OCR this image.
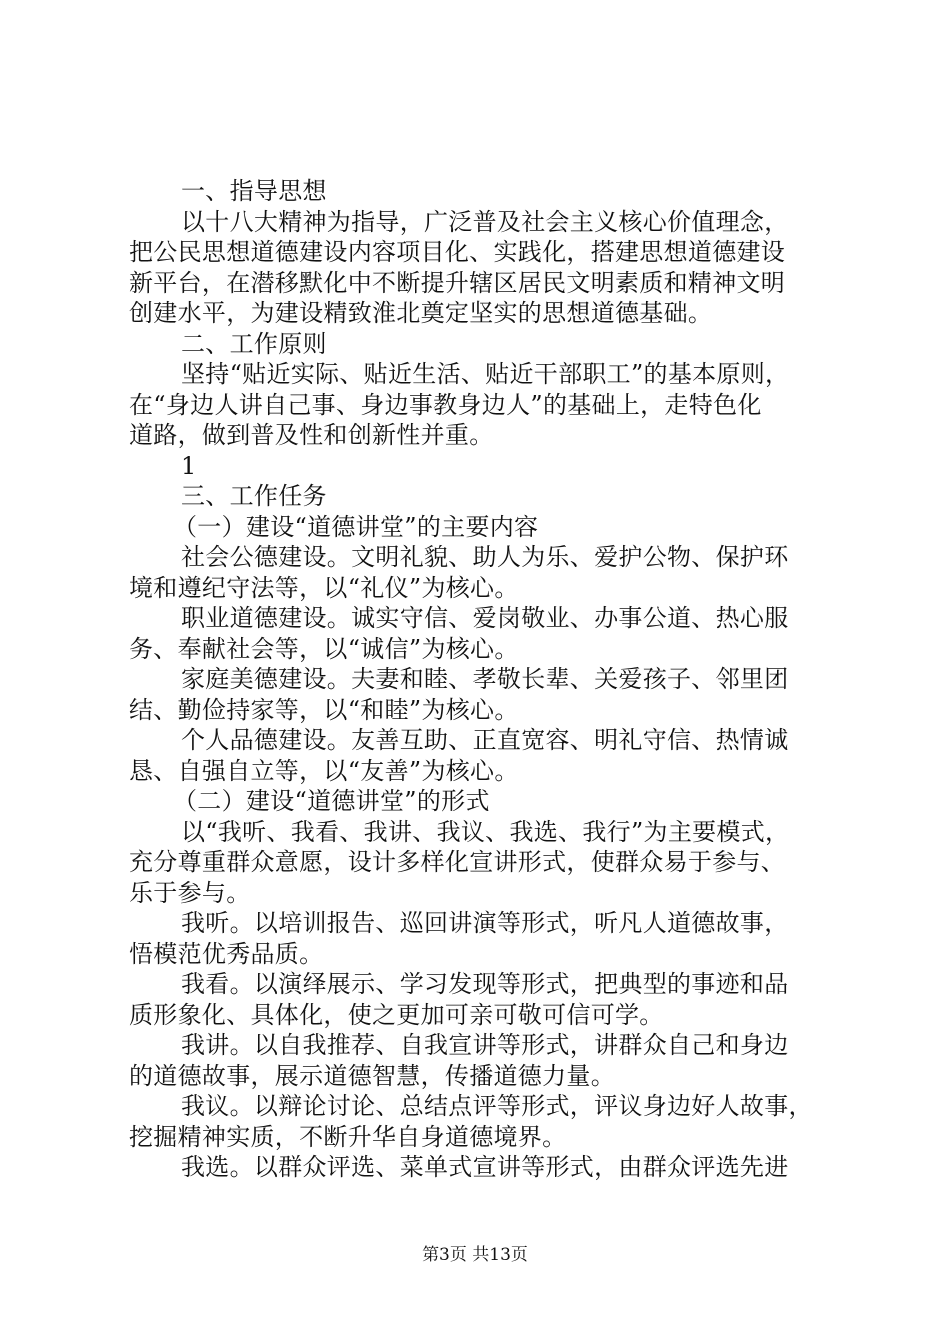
一、指导思想
以十八大精神为指导，广泛普及社会主义核心价值理念，
把公民思想道德建设内容项目化、实践化，搭建思想道德建设
新平台，在潜移默化中不断提升辖区居民文明素质和精神文明
创建水平，为建设精致淮北奠定坚实的思想道德基础。
二、工作原则
坚持“贴近实际、贴近生活、贴近干部职工”的基本原则，
在“身边人讲自己事、身边事教身边人”的基础上，走特色化
道路，做到普及性和创新性并重。
1
三、工作任务
（一）建设“道德讲堂”的主要内容
社会公德建设。文明礼貌、助人为乐、爱护公物、保护环
境和遵纪守法等，以“礼仪”为核心。
职业道德建设。诚实守信、爱岗敬业、办事公道、热心服
务、奉献社会等，以“诚信”为核心。
家庭美德建设。夫妻和睦、孝敬长辈、关爱孩子、邻里团
结、勤俭持家等，以“和睦”为核心。
个人品德建设。友善互助、正直宽容、明礼守信、热情诚
恳、自强自立等，以“友善”为核心。
（二）建设“道德讲堂”的形式
以“我听、我看、我讲、我议、我选、我行”为主要模式，
充分尊重群众意愿，设计多样化宣讲形式，使群众易于参与、
乐于参与。
我听。以培训报告、巡回讲演等形式，听凡人道德故事，
悟模范优秀品质。
我看。以演绎展示、学习发现等形式，把典型的事迹和品
质形象化、具体化，使之更加可亲可敬可信可学。
我讲。以自我推荐、自我宣讲等形式，讲群众自己和身边
的道德故事，展示道德智慧，传播道德力量。
我议。以辩论讨论、总结点评等形式，评议身边好人故事，
挖掘精神实质，不断升华自身道德境界。
我选。以群众评选、菜单式宣讲等形式，由群众评选先进
第3页 共13页
